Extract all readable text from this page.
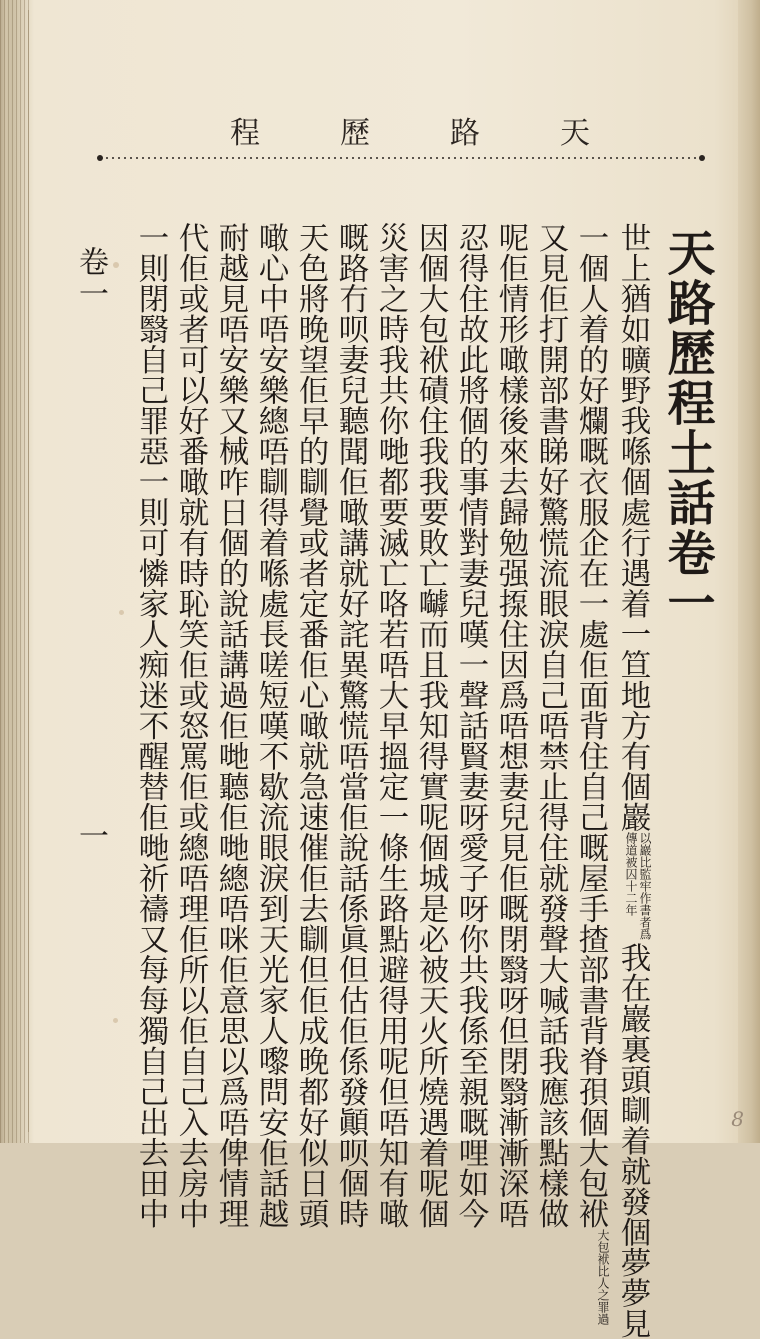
天
路
歷
程
天路歷程土話卷一
世上猶如曠野我喺個處行遇着一笪地方有個巖以巖比監牢作書者爲傳道被囚十二年我在巖裏頭瞓着就發個夢夢見
一個人着的好爛嘅衣服企在一處佢面背住自己嘅屋手揸部書背脊孭個大包袱大包袱比人之罪過
又見佢打開部書睇好驚慌流眼淚自己唔禁止得住就發聲大喊話我應該點樣做
呢佢情形噉樣後來去歸勉强揼住因爲唔想妻兒見佢嘅閉翳呀但閉翳漸漸深唔
忍得住故此將個的事情對妻兒嘆一聲話賢妻呀愛子呀你共我係至親嘅哩如今
因個大包袱磧住我我要敗亡嚹而且我知得實呢個城是必被天火所燒遇着呢個
災害之時我共你哋都要滅亡咯若唔大早搵定一條生路點避得用呢但唔知有噉
嘅路冇呗妻兒聽聞佢噉講就好詫異驚慌唔當佢說話係眞但估佢係發顚呗個時
天色將晚望佢早的瞓覺或者定番佢心噉就急速催佢去瞓但佢成晚都好似日頭
噉心中唔安樂總唔瞓得着喺處長嗟短嘆不歇流眼淚到天光家人嚟問安佢話越
耐越見唔安樂又械咋日個的說話講過佢哋聽佢哋總唔咪佢意思以爲唔俾情理
代佢或者可以好番噉就有時恥笑佢或怒罵佢或總唔理佢所以佢自己入去房中
一則閉翳自己罪惡一則可憐家人痴迷不醒替佢哋祈禱又每每獨自己出去田中
卷一
一
8
